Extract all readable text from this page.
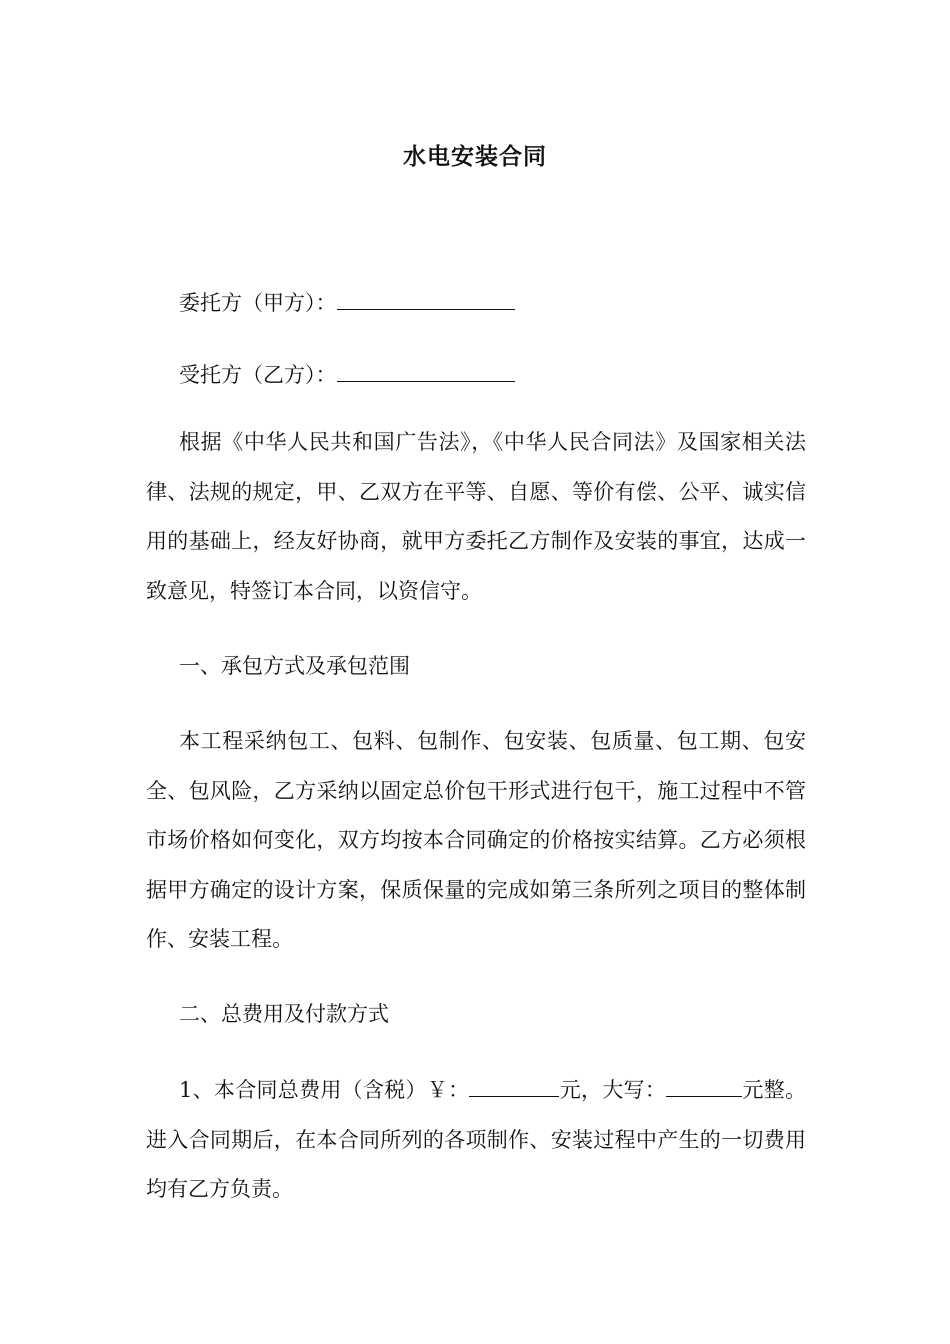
水电安装合同
委托方（甲方）：
受托方（乙方）：
根据《中华人民共和国广告法》，《中华人民合同法》及国家相关法律、法规的规定，甲、乙双方在平等、自愿、等价有偿、公平、诚实信用的基础上，经友好协商，就甲方委托乙方制作及安装的事宜，达成一致意见，特签订本合同，以资信守。
一、承包方式及承包范围
本工程采纳包工、包料、包制作、包安装、包质量、包工期、包安全、包风险，乙方采纳以固定总价包干形式进行包干，施工过程中不管市场价格如何变化，双方均按本合同确定的价格按实结算。乙方必须根据甲方确定的设计方案，保质保量的完成如第三条所列之项目的整体制作、安装工程。
二、总费用及付款方式
1、本合同总费用（含税）￥：	元，大写：	元整。进入合同期后，在本合同所列的各项制作、安装过程中产生的一切费用均有乙方负责。
